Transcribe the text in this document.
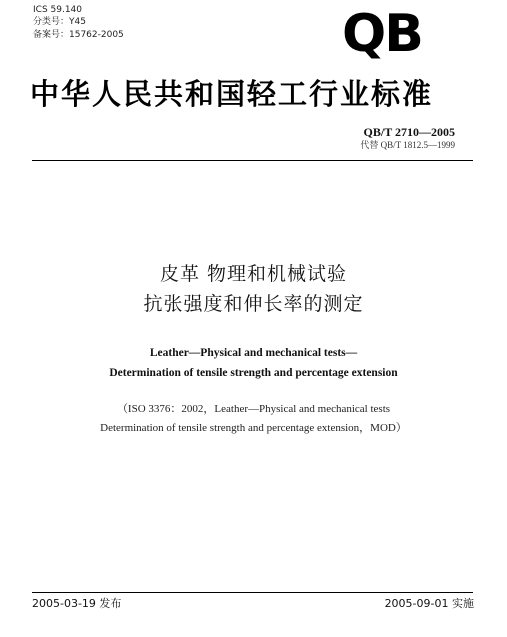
ICS 59.140
分类号：Y45
备案号：15762-2005	QB
中华人民共和国轻工行业标准
QB/T 2710—2005
代替 QB/T 1812.5—1999
皮革 物理和机械试验
抗张强度和伸长率的测定
Leather—Physical and mechanical tests—
Determination of tensile strength and percentage extension
（ISO 3376：2002，Leather—Physical and mechanical tests
Determination of tensile strength and percentage extension，MOD）
2005-03-19 发布	2005-09-01 实施
